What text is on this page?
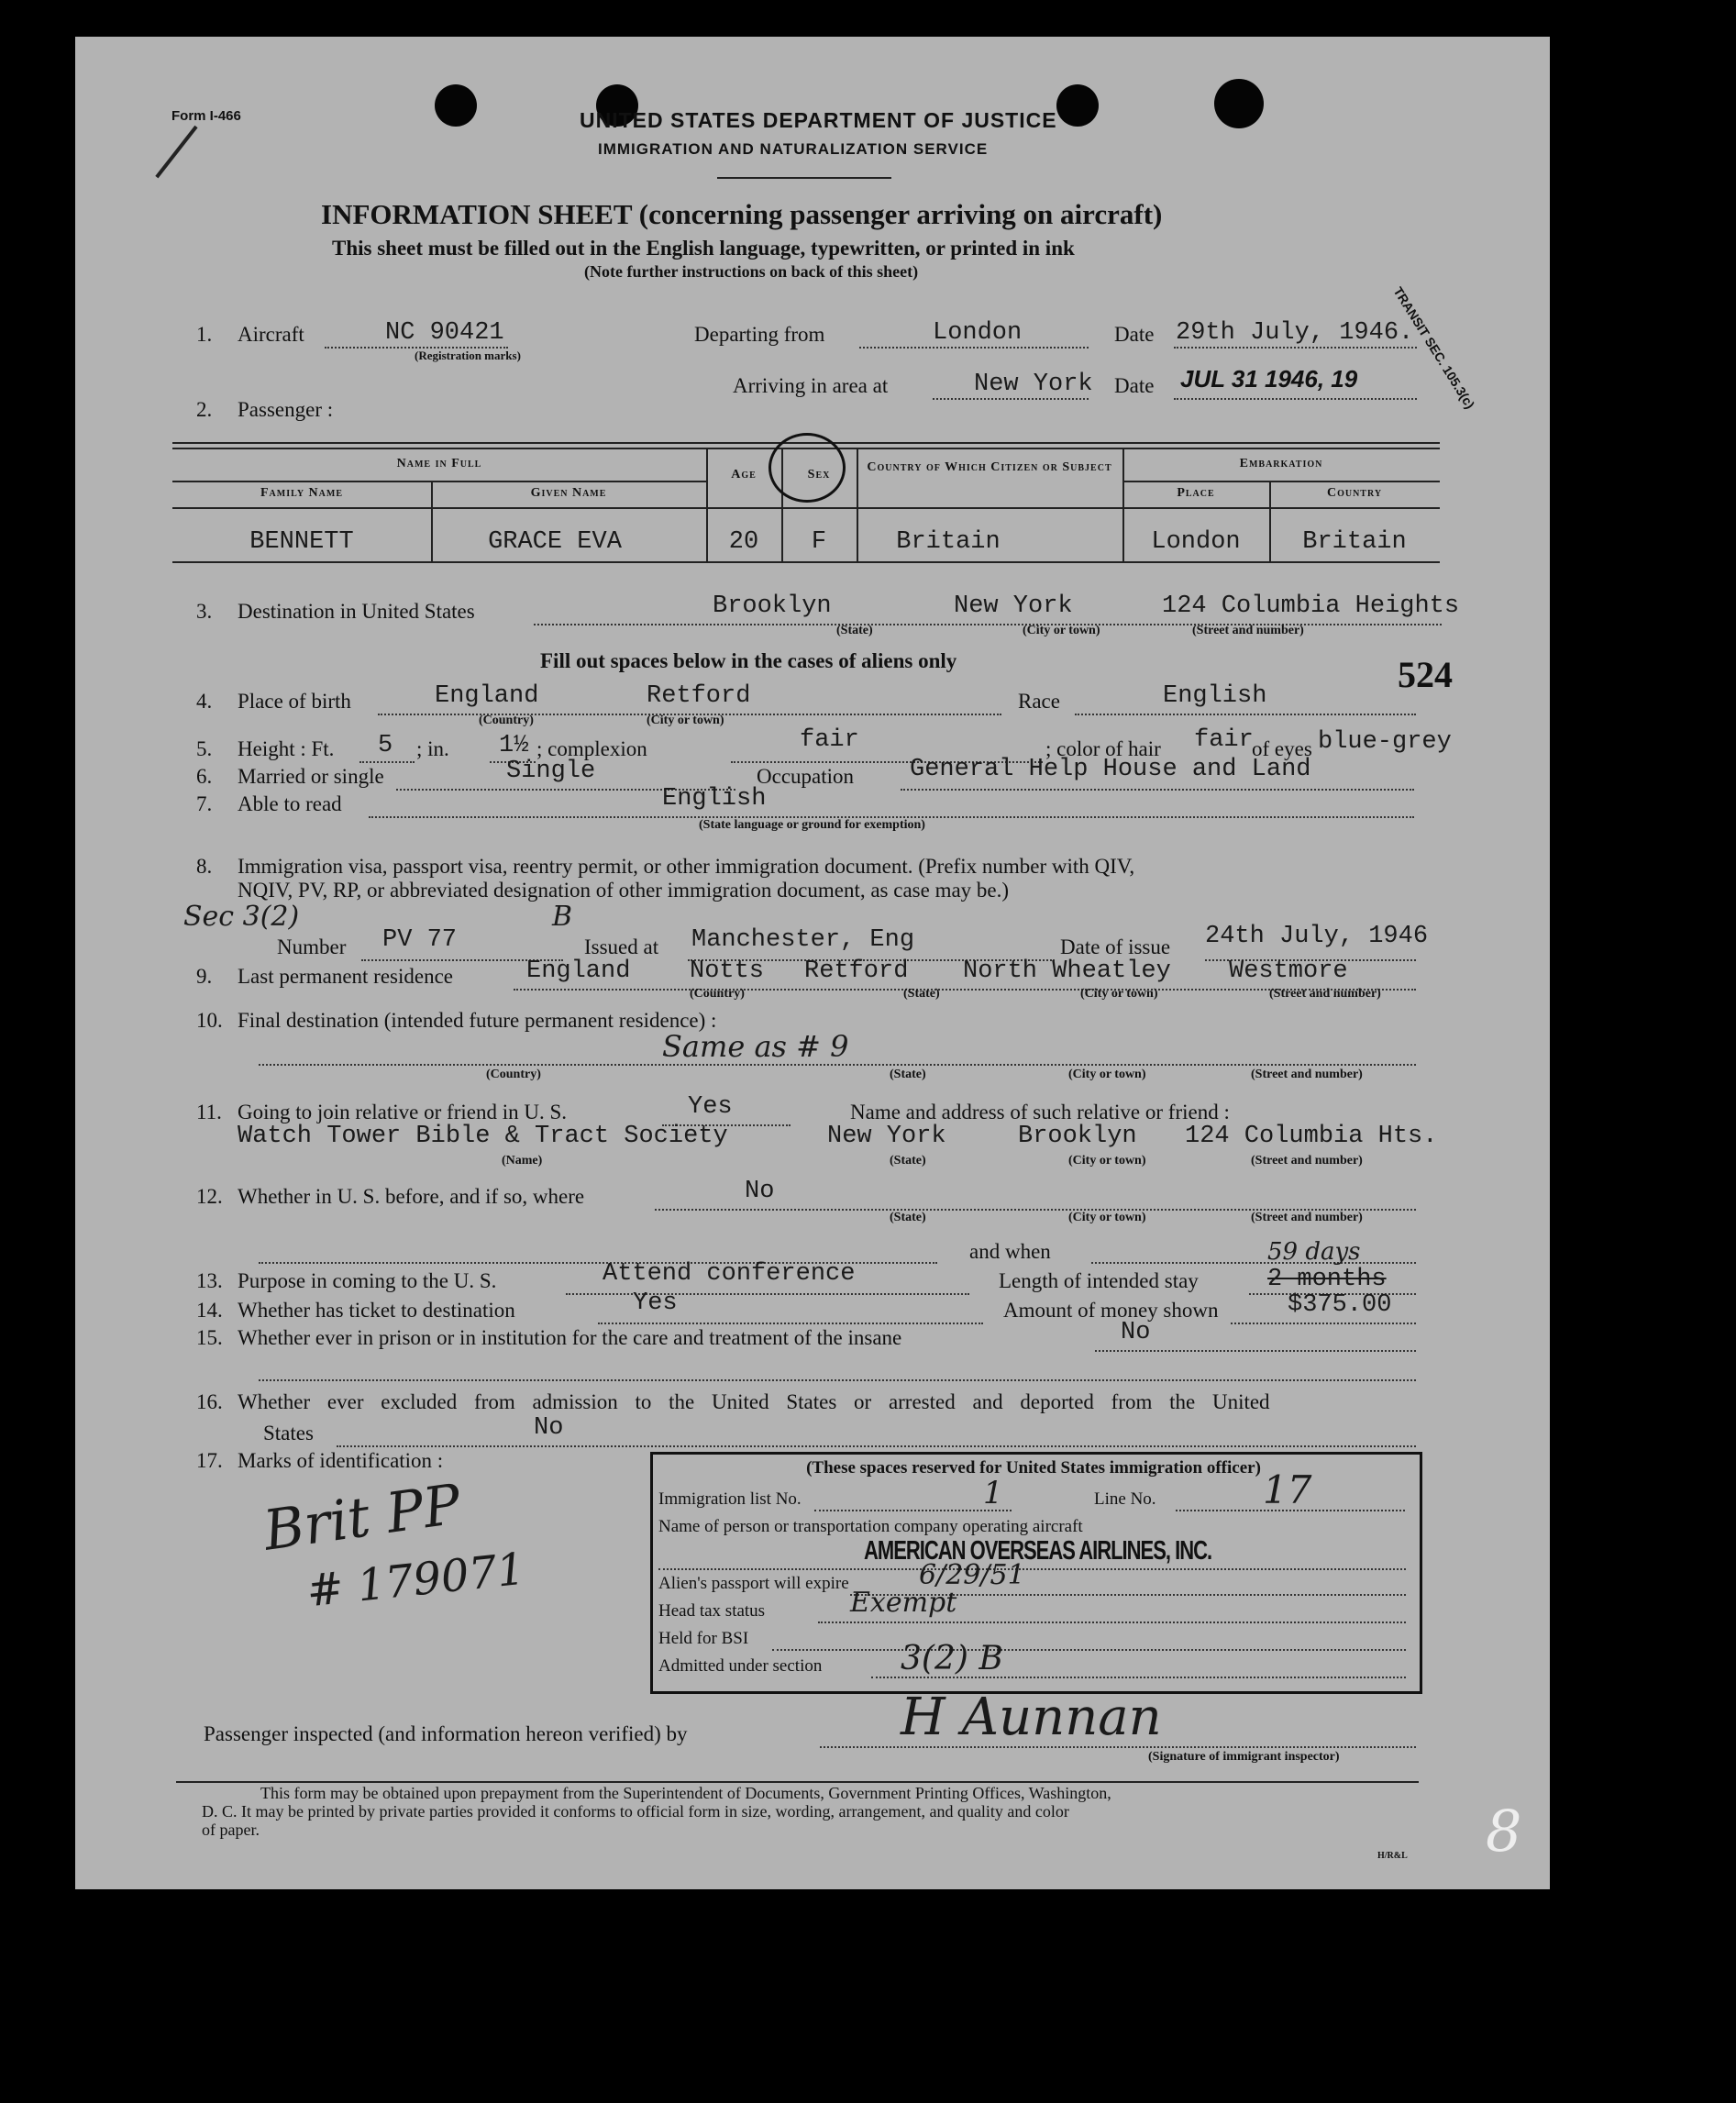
Form I-466	UNITED STATES DEPARTMENT OF JUSTICE
IMMIGRATION AND NATURALIZATION SERVICE
INFORMATION SHEET (concerning passenger arriving on aircraft)
This sheet must be filled out in the English language, typewritten, or printed in ink
(Note further instructions on back of this sheet)
TRANSIT SEC. 105.3(c)
1. Aircraft	NC 90421
(Registration marks)
Departing from	London	Date 29th July, 1946.
Arriving in area at	New York Date JUL 31 1946, 19
2. Passenger :
Name in Full
Family Name	Given Name
Age	Sex
Country of Which Citizen or Subject	Embarkation
Place	Country
BENNETT	GRACE EVA	20	F	Britain	London	Britain
3. Destination in United States	Brooklyn	New York	124 Columbia Heights
(State)	(City or town)	(Street and number)
524
Fill out spaces below in the cases of aliens only
4. Place of birth	England	Retford
(Country)	(City or town)
Race	English
5. Height : Ft. 5 ; in. 1½ ; complexion	fair	; color of hair fair
of eyes blue-grey
6. Married or single	Single	Occupation General Help House and Land
7. Able to read	English
(State language or ground for exemption)
8. Immigration visa, passport visa, reentry permit, or other immigration document. (Prefix number with QIV,
NQIV, PV, RP, or abbreviated designation of other immigration document, as case may be.)
Sec 3(2)
Number PV 77
B
Issued at Manchester, Eng	Date of issue 24th July, 1946
9. Last permanent residence	England Notts Retford North Wheatley Westmore
(Country)	(State)	(City or town)	(Street and number)
10. Final destination (intended future permanent residence) :
Same as # 9
(Country)	(State)	(City or town)	(Street and number)
11. Going to join relative or friend in U. S.	Yes	Name and address of such relative or friend :
Watch Tower Bible & Tract Society	New York	Brooklyn 124 Columbia Hts.
(Name)	(State)	(City or town)	(Street and number)
12. Whether in U. S. before, and if so, where	No
(State)	(City or town)	(Street and number)
and when
13. Purpose in coming to the U. S.	Attend conference	Length of intended stay	2 months
59 days
14. Whether has ticket to destination	Yes	Amount of money shown	$375.00
15. Whether ever in prison or in institution for the care and treatment of the insane	No
16. Whether ever excluded from admission to the United States or arrested and deported from the United
States	No
17. Marks of identification :
Brit PP
# 179071
(These spaces reserved for United States immigration officer)
Immigration list No.	1	Line No.	17
Name of person or transportation company operating aircraft
AMERICAN OVERSEAS AIRLINES, INC.
Alien's passport will expire	6/29/51
Head tax status	Exempt
Held for BSI
Admitted under section 3(2) B
Passenger inspected (and information hereon verified) by	H Aunnan
(Signature of immigrant inspector)
This form may be obtained upon prepayment from the Superintendent of Documents, Government Printing Offices, Washington,
D. C. It may be printed by private parties provided it conforms to official form in size, wording, arrangement, and quality and color
of paper.
H/R&L 8
